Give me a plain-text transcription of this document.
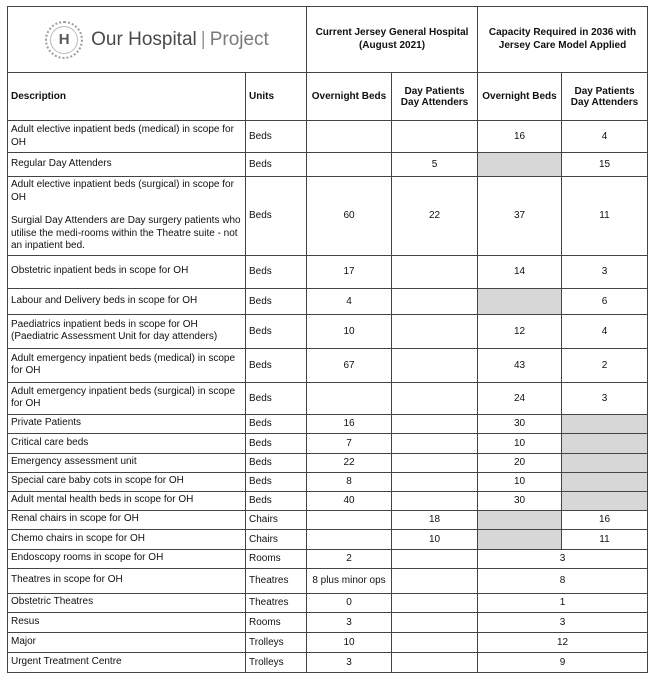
H Our Hospital | Project		Current Jersey General Hospital (August 2021)		Capacity Required in 2036 with Jersey Care Model Applied	
Description	Units	Overnight Beds	Day Patients Day Attenders	Overnight Beds	Day Patients Day Attenders

Adult elective inpatient beds (medical) in scope for OH	Beds			16	4

Regular Day Attenders	Beds		5		15

Adult elective inpatient beds (surgical) in scope for OH
Surgial Day Attenders are Day surgery patients who utilise the medi-rooms within the Theatre suite - not an inpatient bed.	Beds	60	22	37	11

Obstetric inpatient beds in scope for OH	Beds	17		14	3

Labour and Delivery beds in scope for OH	Beds	4			6

Paediatrics inpatient beds in scope for OH (Paediatric Assessment Unit for day attenders)	Beds	10		12	4

Adult emergency inpatient beds (medical) in scope for OH	Beds	67		43	2

Adult emergency inpatient beds (surgical) in scope for OH	Beds			24	3

Private Patients	Beds	16		30	

Critical care beds	Beds	7		10	

Emergency assessment unit	Beds	22		20	

Special care baby cots in scope for OH	Beds	8		10	

Adult mental health beds in scope for OH	Beds	40		30	

Renal chairs in scope for OH	Chairs		18		16

Chemo chairs in scope for OH	Chairs		10		11

Endoscopy rooms in scope for OH	Rooms	2		3	

Theatres in scope for OH	Theatres	8 plus minor ops		8	

Obstetric Theatres	Theatres	0		1	

Resus	Rooms	3		3	

Major	Trolleys	10		12	

Urgent Treatment Centre	Trolleys	3		9	
